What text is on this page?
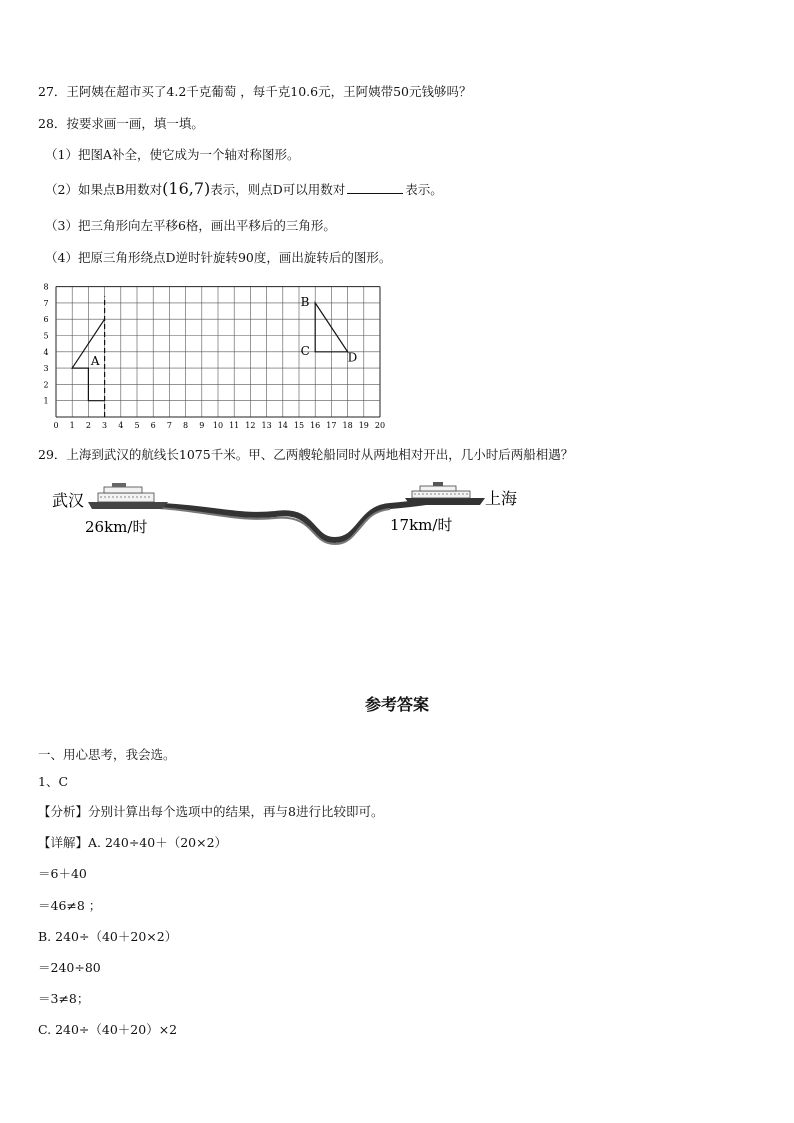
27．王阿姨在超市买了4.2千克葡萄 ，每千克10.6元，王阿姨带50元钱够吗？
28．按要求画一画，填一填。
（1）把图A补全，使它成为一个轴对称图形。
（2）如果点B用数对(16,7)表示，则点D可以用数对	表示。
（3）把三角形向左平移6格，画出平移后的三角形。
（4）把原三角形绕点D逆时针旋转90度，画出旋转后的图形。
0 1 2 3 4 5 6 7 8 9 10 11 12 13 14 15 16 17 18 19 20
1
2
3
4
5
6
7
8
A
B
C	D
29．上海到武汉的航线长1075千米。甲、乙两艘轮船同时从两地相对开出，几小时后两船相遇？
武汉	上海
26km/时	17km/时
参考答案
一、用心思考，我会选。
1、C
【分析】分别计算出每个选项中的结果，再与8进行比较即可。
【详解】A. 240÷40＋（20×2）
＝6＋40
＝46≠8 ；
B. 240÷（40＋20×2）
＝240÷80
＝3≠8；
C. 240÷（40＋20）×2
